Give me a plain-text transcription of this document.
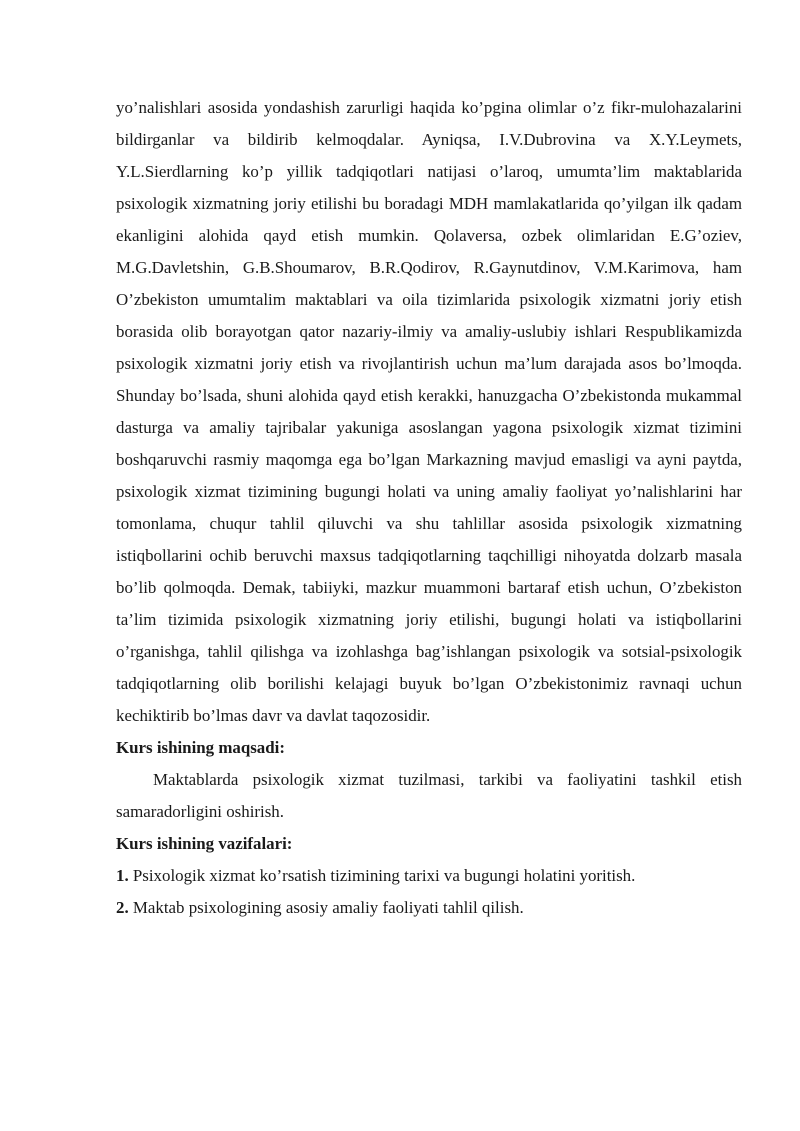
yo’nalishlari asosida yondashish zarurligi haqida ko’pgina olimlar o’z fikr-mulohazalarini bildirganlar va bildirib kelmoqdalar. Ayniqsa, I.V.Dubrovina va X.Y.Leymets, Y.L.Sierdlarning ko’p yillik tadqiqotlari natijasi o’laroq, umumta’lim maktablarida psixologik xizmatning joriy etilishi bu boradagi MDH mamlakatlarida qo’yilgan ilk qadam ekanligini alohida qayd etish mumkin. Qolaversa, ozbek olimlaridan E.G’oziev, M.G.Davletshin, G.B.Shoumarov, B.R.Qodirov, R.Gaynutdinov, V.M.Karimova, ham O’zbekiston umumtalim maktablari va oila tizimlarida psixologik xizmatni joriy etish borasida olib borayotgan qator nazariy-ilmiy va amaliy-uslubiy ishlari Respublikamizda psixologik xizmatni joriy etish va rivojlantirish uchun ma’lum darajada asos bo’lmoqda. Shunday bo’lsada, shuni alohida qayd etish kerakki, hanuzgacha O’zbekistonda mukammal dasturga va amaliy tajribalar yakuniga asoslangan yagona psixologik xizmat tizimini boshqaruvchi rasmiy maqomga ega bo’lgan Markazning mavjud emasligi va ayni paytda, psixologik xizmat tizimining bugungi holati va uning amaliy faoliyat yo’nalishlarini har tomonlama, chuqur tahlil qiluvchi va shu tahlillar asosida psixologik xizmatning istiqbollarini ochib beruvchi maxsus tadqiqotlarning taqchilligi nihoyatda dolzarb masala bo’lib qolmoqda. Demak, tabiiyki, mazkur muammoni bartaraf etish uchun, O’zbekiston ta’lim tizimida psixologik xizmatning joriy etilishi, bugungi holati va istiqbollarini o’rganishga, tahlil qilishga va izohlashga bag’ishlangan psixologik va sotsial-psixologik tadqiqotlarning olib borilishi kelajagi buyuk bo’lgan O’zbekistonimiz ravnaqi uchun kechiktirib bo’lmas davr va davlat taqozosidir.

Kurs ishining maqsadi:

Maktablarda psixologik xizmat tuzilmasi, tarkibi va faoliyatini tashkil etish samaradorligini oshirish.

Kurs ishining vazifalari:

1. Psixologik xizmat ko’rsatish tizimining tarixi va bugungi holatini yoritish.

2. Maktab psixologining asosiy amaliy faoliyati tahlil qilish.
